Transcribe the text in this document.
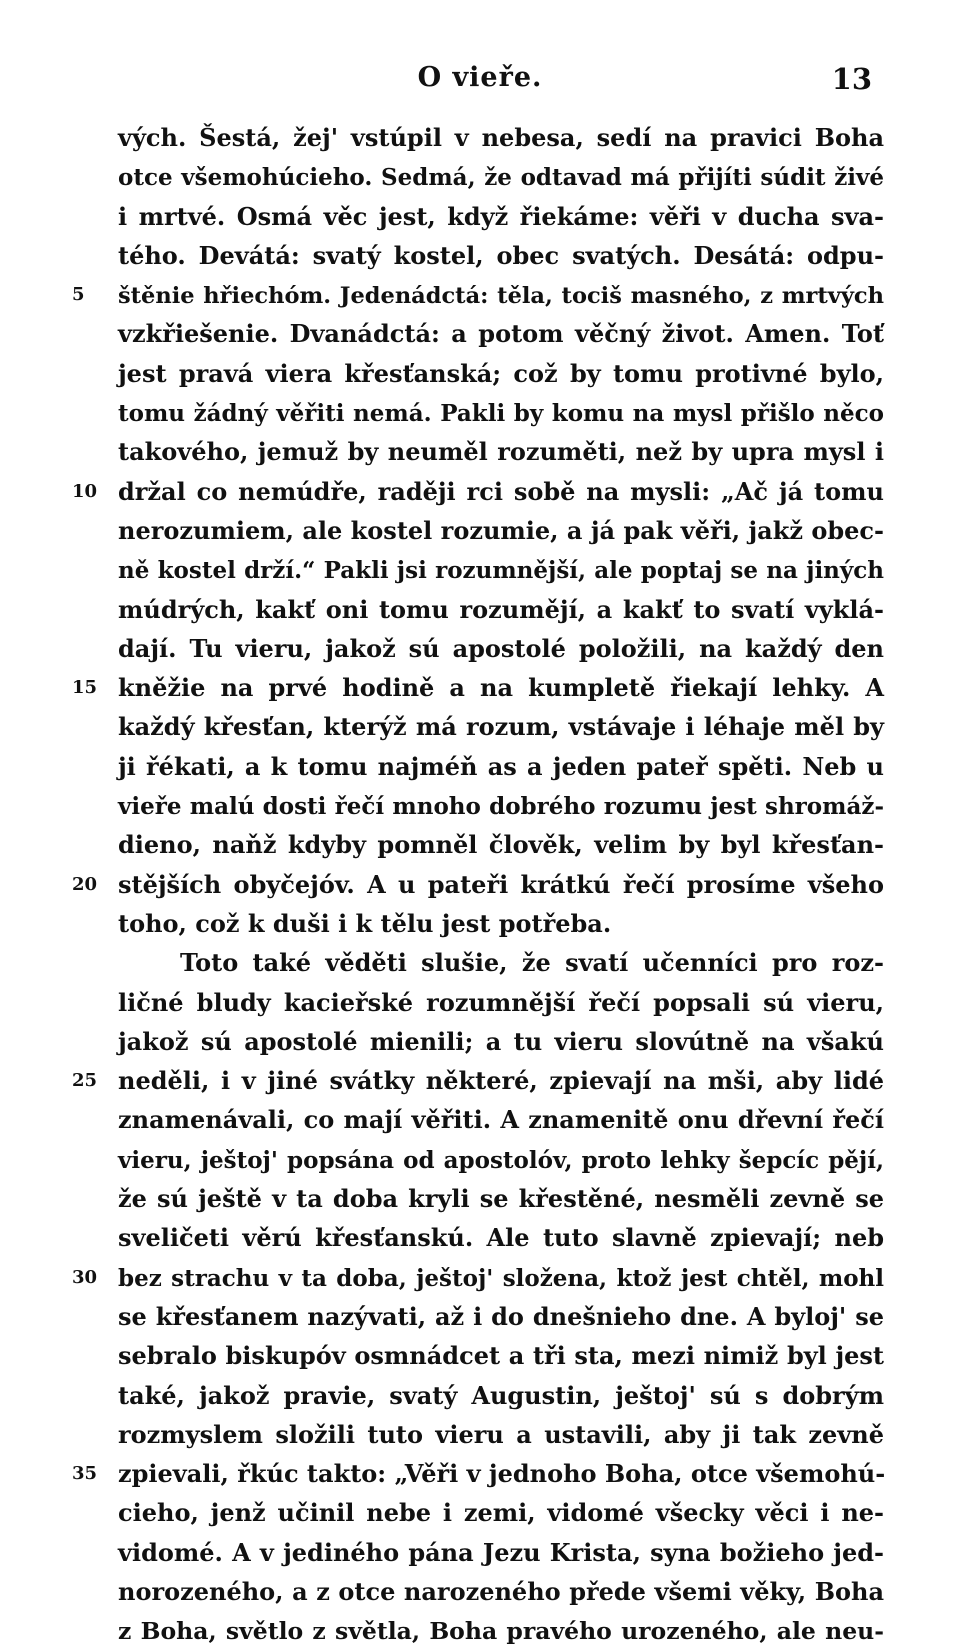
O vieře.	13
vých. Šestá, žej' vstúpil v nebesa, sedí na pravici Boha
otce všemohúcieho. Sedmá, že odtavad má přijíti súdit živé
i mrtvé. Osmá věc jest, když řiekáme: věři v ducha sva-
tého. Devátá: svatý kostel, obec svatých. Desátá: odpu-
5	štěnie hřiechóm. Jedenádctá: těla, tociš masného, z mrtvých
vzkřiešenie. Dvanádctá: a potom věčný život. Amen. Toť
jest pravá viera křesťanská; což by tomu protivné bylo,
tomu žádný věřiti nemá. Pakli by komu na mysl přišlo něco
takového, jemuž by neuměl rozuměti, než by upra mysl i
10 držal co nemúdře, raději rci sobě na mysli: „Ač já tomu
nerozumiem, ale kostel rozumie, a já pak věři, jakž obec-
ně kostel drží.“ Pakli jsi rozumnější, ale poptaj se na jiných
múdrých, kakť oni tomu rozumějí, a kakť to svatí vyklá-
dají. Tu vieru, jakož sú apostolé položili, na každý den
15 kněžie na prvé hodině a na kumpletě řiekají lehky. A
každý křesťan, kterýž má rozum, vstávaje i léhaje měl by
ji řékati, a k tomu najméň as a jeden pateř spěti. Neb u
vieře malú dosti řečí mnoho dobrého rozumu jest shromáž-
dieno, naňž kdyby pomněl člověk, velim by byl křesťan-
20 stějších obyčejóv. A u pateři krátkú řečí prosíme všeho
toho, což k duši i k tělu jest potřeba.
Toto také věděti slušie, že svatí učenníci pro roz-
ličné bludy kacieřské rozumnější řečí popsali sú vieru,
jakož sú apostolé mienili; a tu vieru slovútně na všakú
25 neděli, i v jiné svátky některé, zpievají na mši, aby lidé
znamenávali, co mají věřiti. A znamenitě onu dřevní řečí
vieru, ještoj' popsána od apostolóv, proto lehky šepcíc pějí,
že sú ještě v ta doba kryli se křestěné, nesměli zevně se
sveličeti věrú křesťanskú. Ale tuto slavně zpievají; neb
30 bez strachu v ta doba, ještoj' složena, ktož jest chtěl, mohl
se křesťanem nazývati, až i do dnešnieho dne. A byloj' se
sebralo biskupóv osmnádcet a tři sta, mezi nimiž byl jest
také, jakož pravie, svatý Augustin, ještoj' sú s dobrým
rozmyslem složili tuto vieru a ustavili, aby ji tak zevně
35 zpievali, řkúc takto: „Věři v jednoho Boha, otce všemohú-
cieho, jenž učinil nebe i zemi, vidomé všecky věci i ne-
vidomé. A v jediného pána Jezu Krista, syna božieho jed-
norozeného, a z otce narozeného přede všemi věky, Boha
z Boha, světlo z světla, Boha pravého urozeného, ale neu-
